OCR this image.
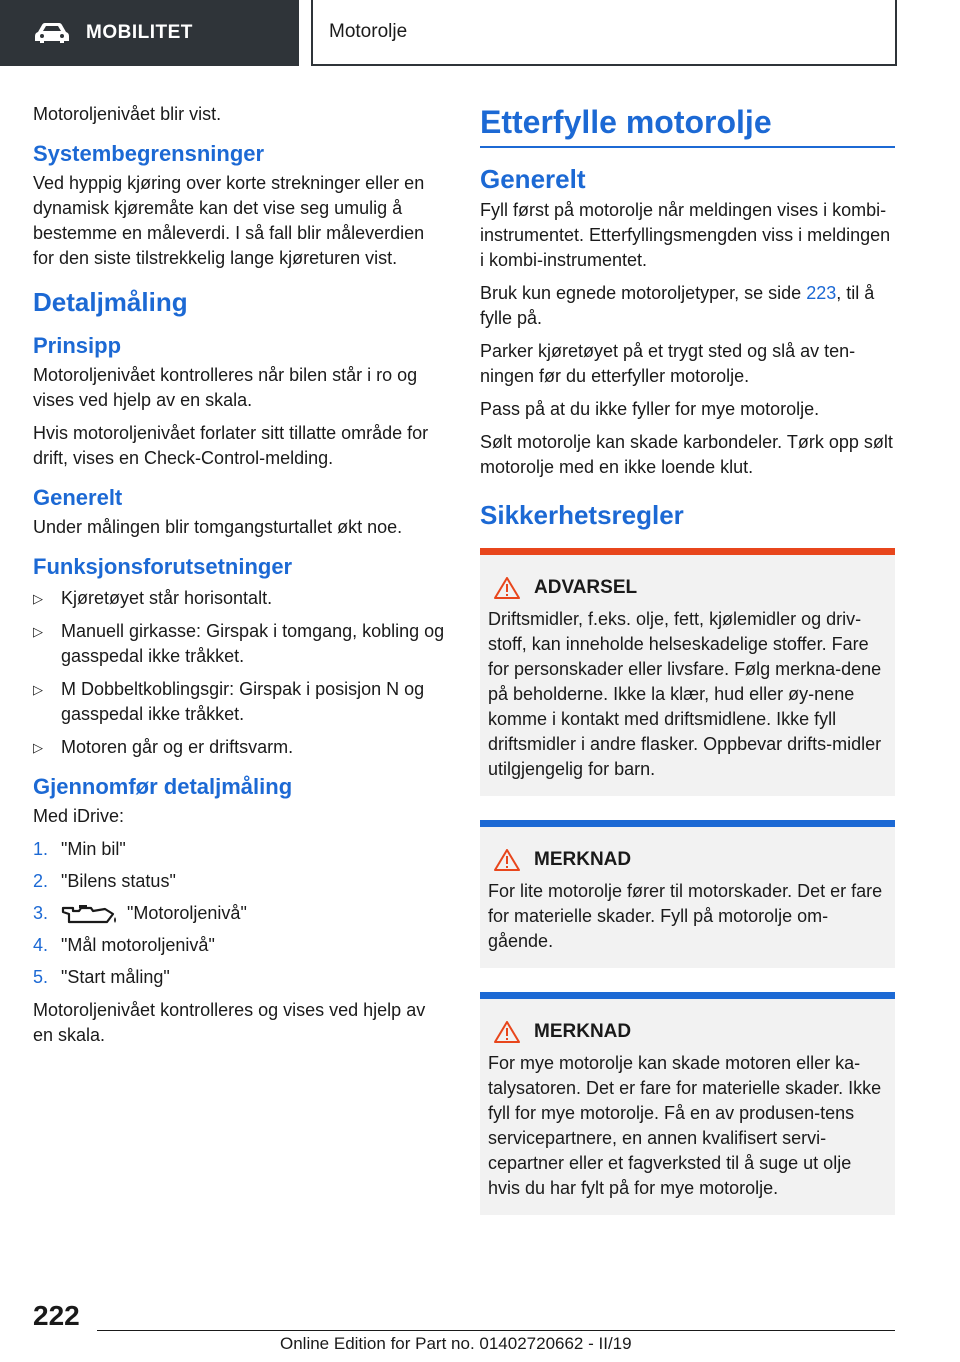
MOBILITET	Motorolje

Motoroljenivået blir vist.

Systembegrensninger

Ved hyppig kjøring over korte strekninger eller en dynamisk kjøremåte kan det vise seg umulig å bestemme en måleverdi. I så fall blir måleverdien for den siste tilstrekkelig lange kjøreturen vist.

Detaljmåling
Prinsipp

Motoroljenivået kontrolleres når bilen står i ro og vises ved hjelp av en skala.

Hvis motoroljenivået forlater sitt tillatte område for drift, vises en Check-Control-melding.

Generelt

Under målingen blir tomgangsturtallet økt noe.

Funksjonsforutsetninger
▷ Kjøretøyet står horisontalt.
▷ Manuell girkasse: Girspak i tomgang, kobling og gasspedal ikke tråkket.
▷ M Dobbeltkoblingsgir: Girspak i posisjon N og gasspedal ikke tråkket.
▷ Motoren går og er driftsvarm.
Gjennomfør detaljmåling

Med iDrive:

1. "Min bil"
2. "Bilens status"
3.	"Motoroljenivå"
4. "Mål motoroljenivå"
5. "Start måling"

Motoroljenivået kontrolleres og vises ved hjelp av en skala.

Etterfylle motorolje
Generelt

Fyll først på motorolje når meldingen vises i kombi-instrumentet. Etterfyllingsmengden viss i meldingen i kombi-instrumentet.

Bruk kun egnede motoroljetyper, se side 223, til å fylle på.

Parker kjøretøyet på et trygt sted og slå av ten-ningen før du etterfyller motorolje.

Pass på at du ikke fyller for mye motorolje.

Sølt motorolje kan skade karbondeler. Tørk opp sølt motorolje med en ikke loende klut.

Sikkerhetsregler
ADVARSEL

Driftsmidler, f.eks. olje, fett, kjølemidler og driv-stoff, kan inneholde helseskadelige stoffer. Fare for personskader eller livsfare. Følg merkna-dene på beholderne. Ikke la klær, hud eller øy-nene komme i kontakt med driftsmidlene. Ikke fyll driftsmidler i andre flasker. Oppbevar drifts-midler utilgjengelig for barn.

MERKNAD

For lite motorolje fører til motorskader. Det er fare for materielle skader. Fyll på motorolje om-gående.

MERKNAD

For mye motorolje kan skade motoren eller ka-talysatoren. Det er fare for materielle skader. Ikke fyll for mye motorolje. Få en av produsen-tens servicepartnere, en annen kvalifisert servi-cepartner eller et fagverksted til å suge ut olje hvis du har fylt på for mye motorolje.

222
Online Edition for Part no. 01402720662 - II/19
